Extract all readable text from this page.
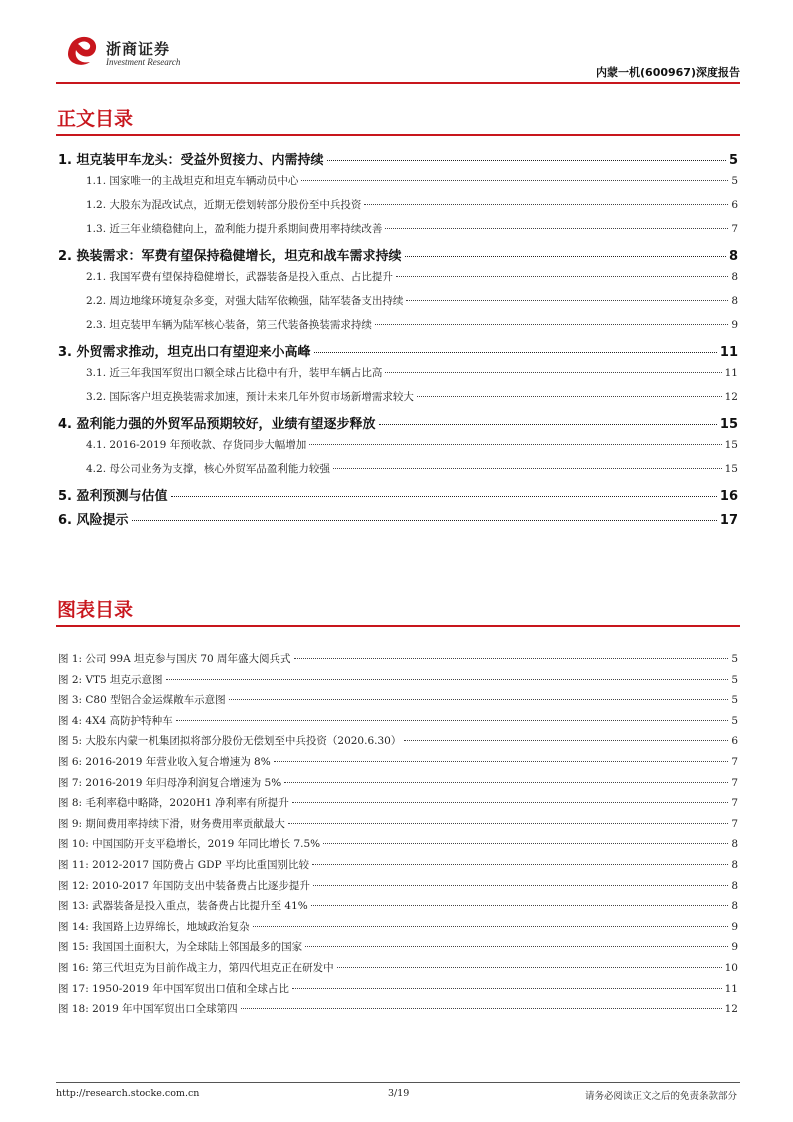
浙商证券
Investment Research
内蒙一机(600967)深度报告
正文目录
1. 坦克装甲车龙头：受益外贸接力、内需持续	5
1.1. 国家唯一的主战坦克和坦克车辆动员中心	5
1.2. 大股东为混改试点，近期无偿划转部分股份至中兵投资	6
1.3. 近三年业绩稳健向上，盈利能力提升系期间费用率持续改善	7
2. 换装需求：军费有望保持稳健增长，坦克和战车需求持续	8
2.1. 我国军费有望保持稳健增长，武器装备是投入重点、占比提升	8
2.2. 周边地缘环境复杂多变，对强大陆军依赖强，陆军装备支出持续	8
2.3. 坦克装甲车辆为陆军核心装备，第三代装备换装需求持续	9
3. 外贸需求推动，坦克出口有望迎来小高峰	11
3.1. 近三年我国军贸出口额全球占比稳中有升，装甲车辆占比高	11
3.2. 国际客户坦克换装需求加速，预计未来几年外贸市场新增需求较大	12
4. 盈利能力强的外贸军品预期较好，业绩有望逐步释放	15
4.1. 2016-2019 年预收款、存货同步大幅增加	15
4.2. 母公司业务为支撑，核心外贸军品盈利能力较强	15
5. 盈利预测与估值	16
6. 风险提示	17
图表目录
图 1: 公司 99A 坦克参与国庆 70 周年盛大阅兵式	5
图 2: VT5 坦克示意图	5
图 3: C80 型铝合金运煤敞车示意图	5
图 4: 4X4 高防护特种车	5
图 5: 大股东内蒙一机集团拟将部分股份无偿划至中兵投资（2020.6.30）	6
图 6: 2016-2019 年营业收入复合增速为 8%	7
图 7: 2016-2019 年归母净利润复合增速为 5%	7
图 8: 毛利率稳中略降，2020H1 净利率有所提升	7
图 9: 期间费用率持续下滑，财务费用率贡献最大	7
图 10: 中国国防开支平稳增长，2019 年同比增长 7.5%	8
图 11: 2012-2017 国防费占 GDP 平均比重国别比较	8
图 12: 2010-2017 年国防支出中装备费占比逐步提升	8
图 13: 武器装备是投入重点，装备费占比提升至 41%	8
图 14: 我国路上边界绵长，地域政治复杂	9
图 15: 我国国土面积大，为全球陆上邻国最多的国家	9
图 16: 第三代坦克为目前作战主力，第四代坦克正在研发中	10
图 17: 1950-2019 年中国军贸出口值和全球占比	11
图 18: 2019 年中国军贸出口全球第四	12
http://research.stocke.com.cn	3/19	请务必阅读正文之后的免责条款部分
